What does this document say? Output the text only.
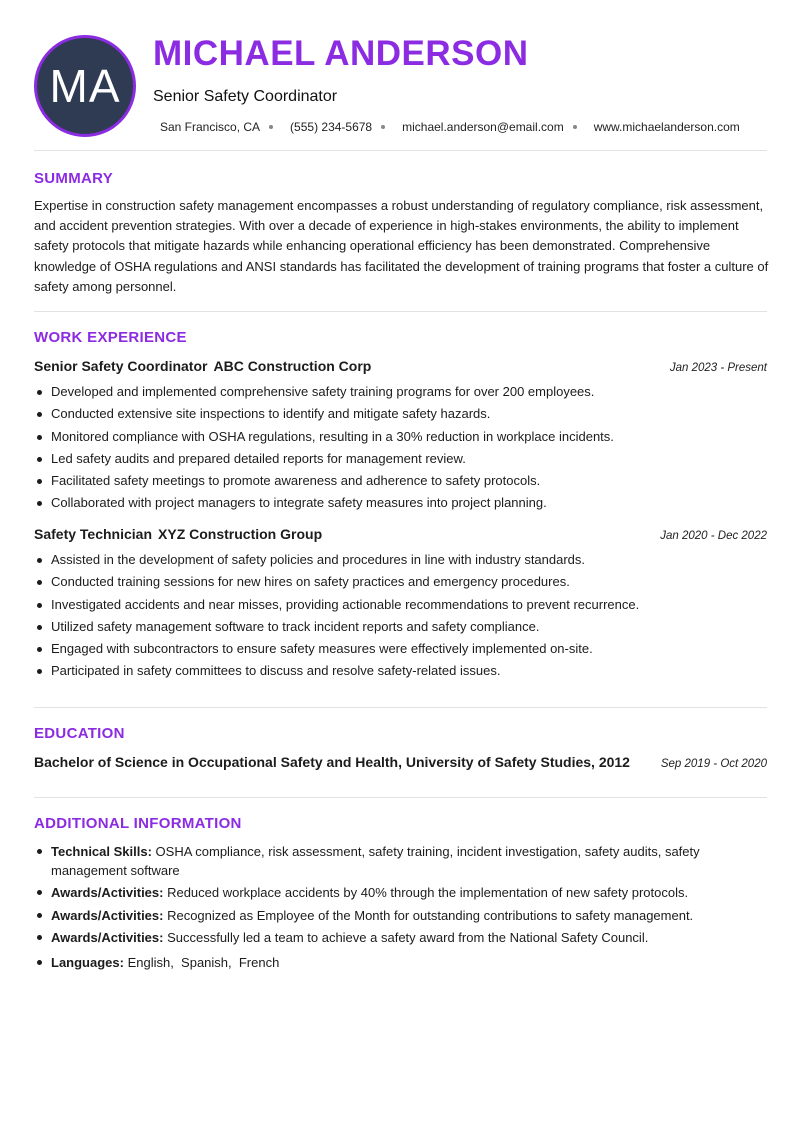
MA
MICHAEL ANDERSON
Senior Safety Coordinator
San Francisco, CA	(555) 234-5678	michael.anderson@email.com	www.michaelanderson.com
SUMMARY

Expertise in construction safety management encompasses a robust understanding of regulatory compliance, risk assessment, and accident prevention strategies. With over a decade of experience in high-stakes environments, the ability to implement safety protocols that mitigate hazards while enhancing operational efficiency has been demonstrated. Comprehensive knowledge of OSHA regulations and ANSI standards has facilitated the development of training programs that foster a culture of safety among personnel.

WORK EXPERIENCE
Senior Safety Coordinator ABC Construction Corp	Jan 2023 - Present
Developed and implemented comprehensive safety training programs for over 200 employees.
Conducted extensive site inspections to identify and mitigate safety hazards.
Monitored compliance with OSHA regulations, resulting in a 30% reduction in workplace incidents.
Led safety audits and prepared detailed reports for management review.
Facilitated safety meetings to promote awareness and adherence to safety protocols.
Collaborated with project managers to integrate safety measures into project planning.
Safety Technician XYZ Construction Group	Jan 2020 - Dec 2022
Assisted in the development of safety policies and procedures in line with industry standards.
Conducted training sessions for new hires on safety practices and emergency procedures.
Investigated accidents and near misses, providing actionable recommendations to prevent recurrence.
Utilized safety management software to track incident reports and safety compliance.
Engaged with subcontractors to ensure safety measures were effectively implemented on-site.
Participated in safety committees to discuss and resolve safety-related issues.
EDUCATION
Bachelor of Science in Occupational Safety and Health, University of Safety Studies, 2012	Sep 2019 - Oct 2020
ADDITIONAL INFORMATION
Technical Skills: OSHA compliance, risk assessment, safety training, incident investigation, safety audits, safety management software
Awards/Activities: Reduced workplace accidents by 40% through the implementation of new safety protocols.
Awards/Activities: Recognized as Employee of the Month for outstanding contributions to safety management.
Awards/Activities: Successfully led a team to achieve a safety award from the National Safety Council.
Languages: English,  Spanish,  French
